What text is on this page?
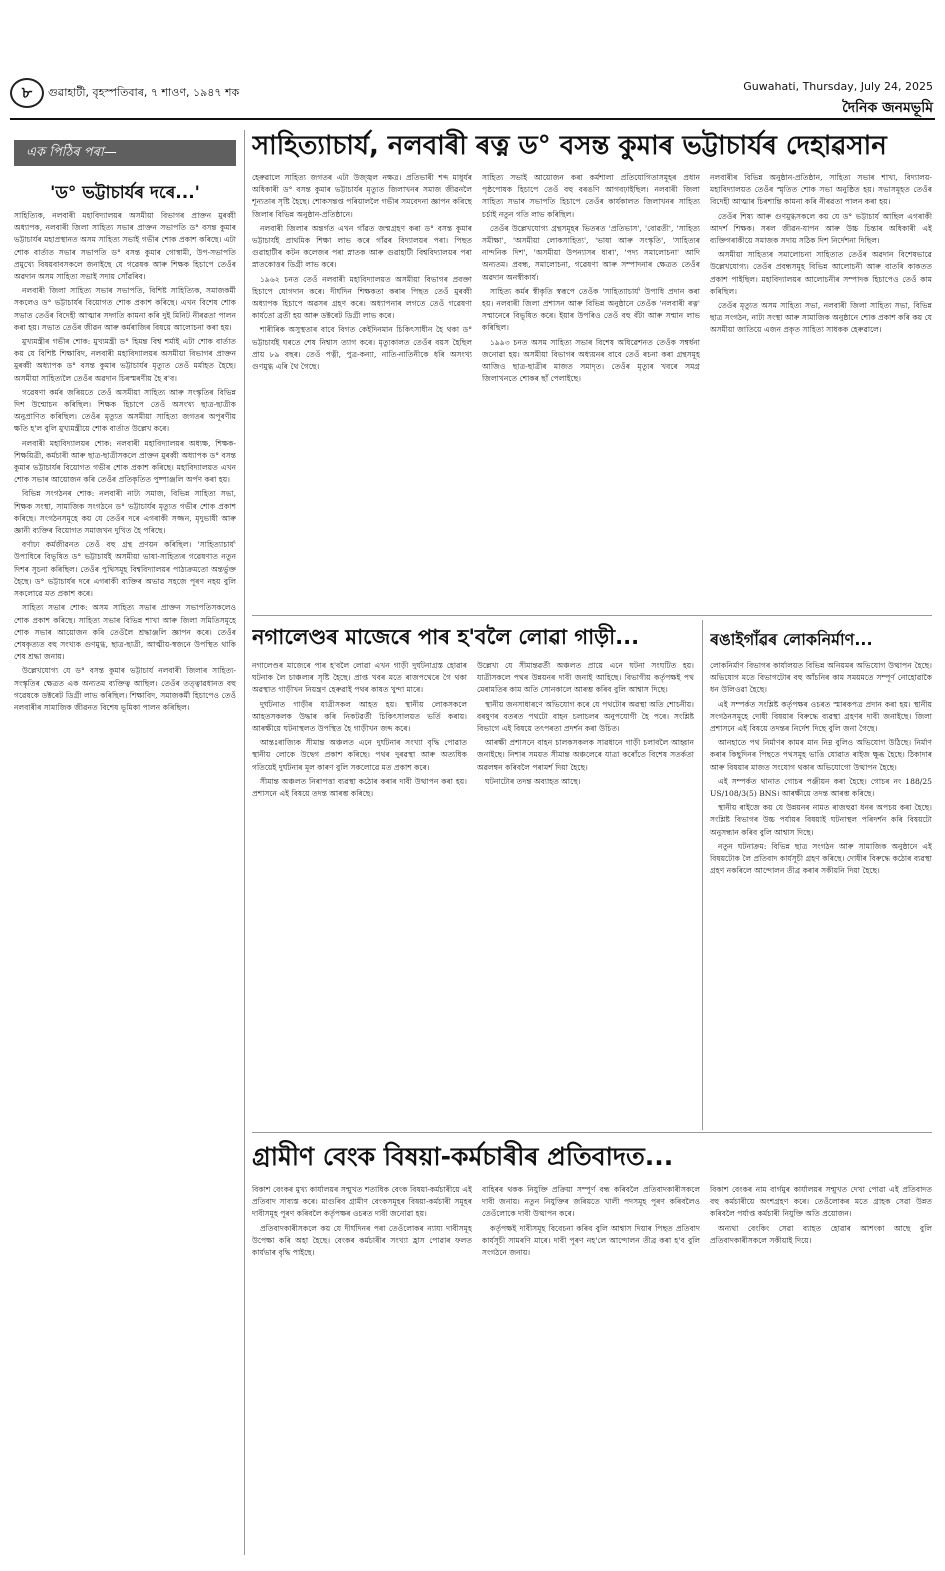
৮	গুৱাহাটী, বৃহস্পতিবাৰ, ৭ শাওণ, ১৯৪৭ শক	Guwahati, Thursday, July 24, 2025
দৈনিক জনমভূমি
এক পিঠিৰ পৰা—
'ড° ভট্টাচাৰ্যৰ দৰে...'

সাহিত্যিক, নলবাৰী মহাবিদ্যালয়ৰ অসমীয়া বিভাগৰ প্ৰাক্তন মুৰব্বী অধ্যাপক, নলবাৰী জিলা সাহিত্য সভাৰ প্ৰাক্তন সভাপতি ড° বসন্ত কুমাৰ ভট্টাচাৰ্যৰ মহাপ্ৰস্থানত অসম সাহিত্য সভাই গভীৰ শোক প্ৰকাশ কৰিছে। এটা শোক বাৰ্তাত সভাৰ সভাপতি ড° বসন্ত কুমাৰ গোস্বামী, উপ-সভাপতি প্ৰমুখ্যে বিষয়বাবসকলে জনাইছে যে গৱেষক আৰু শিক্ষক হিচাপে তেওঁৰ অৱদান অসম সাহিত্য সভাই সদায় সোঁৱৰিব।

নলবাৰী জিলা সাহিত্য সভাৰ সভাপতি, বিশিষ্ট সাহিত্যিক, সমাজকৰ্মী সকলেও ড° ভট্টাচাৰ্যৰ বিয়োগত শোক প্ৰকাশ কৰিছে। এখন বিশেষ শোক সভাত তেওঁৰ বিদেহী আত্মাৰ সদ্গতি কামনা কৰি দুই মিনিট নীৰৱতা পালন কৰা হয়। সভাত তেওঁৰ জীৱন আৰু কৰ্মৰাজিৰ বিষয়ে আলোচনা কৰা হয়।

মুখ্যমন্ত্ৰীৰ গভীৰ শোক: মুখ্যমন্ত্ৰী ড° হিমন্ত বিশ্ব শৰ্মাই এটা শোক বাৰ্তাত কয় যে বিশিষ্ট শিক্ষাবিদ, নলবাৰী মহাবিদ্যালয়ৰ অসমীয়া বিভাগৰ প্ৰাক্তন মুৰব্বী অধ্যাপক ড° বসন্ত কুমাৰ ভট্টাচাৰ্যৰ মৃত্যুত তেওঁ মৰ্মাহত হৈছে। অসমীয়া সাহিত্যলৈ তেওঁৰ অৱদান চিৰস্মৰণীয় হৈ ৰ'ব।

গৱেষণা কৰ্মৰ জৰিয়তে তেওঁ অসমীয়া সাহিত্য আৰু সংস্কৃতিৰ বিভিন্ন দিশ উন্মোচন কৰিছিল। শিক্ষক হিচাপে তেওঁ অসংখ্য ছাত্ৰ-ছাত্ৰীক অনুপ্ৰাণিত কৰিছিল। তেওঁৰ মৃত্যুত অসমীয়া সাহিত্য জগতৰ অপূৰণীয় ক্ষতি হ'ল বুলি মুখ্যমন্ত্ৰীয়ে শোক বাৰ্তাত উল্লেখ কৰে।

নলবাৰী মহাবিদ্যালয়ৰ শোক: নলবাৰী মহাবিদ্যালয়ৰ অধ্যক্ষ, শিক্ষক-শিক্ষয়িত্ৰী, কৰ্মচাৰী আৰু ছাত্ৰ-ছাত্ৰীসকলে প্ৰাক্তন মুৰব্বী অধ্যাপক ড° বসন্ত কুমাৰ ভট্টাচাৰ্যৰ বিয়োগত গভীৰ শোক প্ৰকাশ কৰিছে। মহাবিদ্যালয়ত এখন শোক সভাৰ আয়োজন কৰি তেওঁৰ প্ৰতিকৃতিত পুষ্পাঞ্জলি অৰ্পণ কৰা হয়।

বিভিন্ন সংগঠনৰ শোক: নলবাৰী নাট্য সমাজ, বিভিন্ন সাহিত্য সভা, শিক্ষক সংস্থা, সামাজিক সংগঠনে ড° ভট্টাচাৰ্যৰ মৃত্যুত গভীৰ শোক প্ৰকাশ কৰিছে। সংগঠনসমূহে কয় যে তেওঁৰ দৰে এগৰাকী সজ্জন, মৃদুভাষী আৰু জ্ঞানী ব্যক্তিৰ বিয়োগত সমাজখন দুখিত হৈ পৰিছে।

বৰ্ণাঢ্য কৰ্মজীৱনত তেওঁ বহু গ্ৰন্থ প্ৰণয়ন কৰিছিল। 'সাহিত্যাচাৰ্য' উপাধিৰে বিভূষিত ড° ভট্টাচাৰ্যই অসমীয়া ভাষা-সাহিত্যৰ গৱেষণাত নতুন দিশৰ সূচনা কৰিছিল। তেওঁৰ পুথিসমূহ বিশ্ববিদ্যালয়ৰ পাঠ্যক্ৰমতো অন্তৰ্ভুক্ত হৈছে। ড° ভট্টাচাৰ্যৰ দৰে এগৰাকী ব্যক্তিৰ অভাৱ সহজে পূৰণ নহয় বুলি সকলোৱে মত প্ৰকাশ কৰে।

সাহিত্য সভাৰ শোক: অসম সাহিত্য সভাৰ প্ৰাক্তন সভাপতিসকলেও শোক প্ৰকাশ কৰিছে। সাহিত্য সভাৰ বিভিন্ন শাখা আৰু জিলা সমিতিসমূহে শোক সভাৰ আয়োজন কৰি তেওঁলৈ শ্ৰদ্ধাঞ্জলি জ্ঞাপন কৰে। তেওঁৰ শেষকৃত্যত বহু সংখ্যক গুণমুগ্ধ, ছাত্ৰ-ছাত্ৰী, আত্মীয়-স্বজনে উপস্থিত থাকি শেষ শ্ৰদ্ধা জনায়।

উল্লেখযোগ্য যে ড° বসন্ত কুমাৰ ভট্টাচাৰ্য নলবাৰী জিলাৰ সাহিত্য-সংস্কৃতিৰ ক্ষেত্ৰত এক অন্যতম ব্যক্তিত্ব আছিল। তেওঁৰ তত্ত্বাৱধানত বহু গৱেষকে ডক্টৰেট ডিগ্ৰী লাভ কৰিছিল। শিক্ষাবিদ, সমাজকৰ্মী হিচাপেও তেওঁ নলবাৰীৰ সামাজিক জীৱনত বিশেষ ভূমিকা পালন কৰিছিল।

সাহিত্যাচাৰ্য, নলবাৰী ৰত্ন ড° বসন্ত কুমাৰ ভট্টাচাৰ্যৰ দেহাৱসান

হেৰুৱালে সাহিত্য জগতৰ এটা উজ্জ্বল নক্ষত্ৰ। প্ৰতিভাৰী শব্দ মাধুৰ্যৰ অধিকাৰী ড° বসন্ত কুমাৰ ভট্টাচাৰ্যৰ মৃত্যুত জিলাখনৰ সমাজ জীৱনলৈ শূন্যতাৰ সৃষ্টি হৈছে। শোকসন্তপ্ত পৰিয়াললৈ গভীৰ সমবেদনা জ্ঞাপন কৰিছে জিলাৰ বিভিন্ন অনুষ্ঠান-প্ৰতিষ্ঠানে।

নলবাৰী জিলাৰ অন্তৰ্গত এখন গাঁৱত জন্মগ্ৰহণ কৰা ড° বসন্ত কুমাৰ ভট্টাচাৰ্যই প্ৰাথমিক শিক্ষা লাভ কৰে গাঁৱৰ বিদ্যালয়ৰ পৰা। পিছত গুৱাহাটীৰ কটন কলেজৰ পৰা স্নাতক আৰু গুৱাহাটী বিশ্ববিদ্যালয়ৰ পৰা স্নাতকোত্তৰ ডিগ্ৰী লাভ কৰে।

১৯৬২ চনত তেওঁ নলবাৰী মহাবিদ্যালয়ত অসমীয়া বিভাগৰ প্ৰবক্তা হিচাপে যোগদান কৰে। দীৰ্ঘদিন শিক্ষকতা কৰাৰ পিছত তেওঁ মুৰব্বী অধ্যাপক হিচাপে অৱসৰ গ্ৰহণ কৰে। অধ্যাপনাৰ লগতে তেওঁ গৱেষণা কাৰ্যতো ব্ৰতী হয় আৰু ডক্টৰেট ডিগ্ৰী লাভ কৰে।

শাৰীৰিক অসুস্থতাৰ বাবে বিগত কেইদিনমান চিকিৎসাধীন হৈ থকা ড° ভট্টাচাৰ্যই ঘৰতে শেষ নিশ্বাস ত্যাগ কৰে। মৃত্যুকালত তেওঁৰ বয়স হৈছিল প্ৰায় ৮৯ বছৰ। তেওঁ পত্নী, পুত্ৰ-কন্যা, নাতি-নাতিনীকে ধৰি অসংখ্য গুণমুগ্ধ এৰি থৈ গৈছে।

সাহিত্য সভাই আয়োজন কৰা কৰ্মশালা প্ৰতিযোগিতাসমূহৰ প্ৰধান পৃষ্ঠপোষক হিচাপে তেওঁ বহু বৰঙণি আগবঢ়াইছিল। নলবাৰী জিলা সাহিত্য সভাৰ সভাপতি হিচাপে তেওঁৰ কাৰ্যকালত জিলাখনৰ সাহিত্য চৰ্চাই নতুন গতি লাভ কৰিছিল।

তেওঁৰ উল্লেখযোগ্য গ্ৰন্থসমূহৰ ভিতৰত 'প্ৰতিভাস', 'বোৱতী', 'সাহিত্য সমীক্ষা', 'অসমীয়া লোকসাহিত্য', 'ভাষা আৰু সংস্কৃতি', 'সাহিত্যৰ নান্দনিক দিশ', 'অসমীয়া উপন্যাসৰ ধাৰা', 'পদ্য সমালোচনা' আদি অন্যতম। প্ৰবন্ধ, সমালোচনা, গৱেষণা আৰু সম্পাদনাৰ ক্ষেত্ৰত তেওঁৰ অৱদান অনস্বীকাৰ্য।

সাহিত্য কৰ্মৰ স্বীকৃতি স্বৰূপে তেওঁক 'সাহিত্যাচাৰ্য' উপাধি প্ৰদান কৰা হয়। নলবাৰী জিলা প্ৰশাসন আৰু বিভিন্ন অনুষ্ঠানে তেওঁক 'নলবাৰী ৰত্ন' সন্মানেৰে বিভূষিত কৰে। ইয়াৰ উপৰিও তেওঁ বহু বঁটা আৰু সন্মান লাভ কৰিছিল।

১৯৯৩ চনত অসম সাহিত্য সভাৰ বিশেষ অধিৱেশনত তেওঁক সম্বৰ্ধনা জনোৱা হয়। অসমীয়া বিভাগৰ অধ্যয়নৰ বাবে তেওঁ ৰচনা কৰা গ্ৰন্থসমূহ আজিও ছাত্ৰ-ছাত্ৰীৰ মাজত সমাদৃত। তেওঁৰ মৃত্যুৰ খবৰে সমগ্ৰ জিলাখনতে শোকৰ ছাঁ পেলাইছে।

নলবাৰীৰ বিভিন্ন অনুষ্ঠান-প্ৰতিষ্ঠান, সাহিত্য সভাৰ শাখা, বিদ্যালয়-মহাবিদ্যালয়ত তেওঁৰ স্মৃতিত শোক সভা অনুষ্ঠিত হয়। সভাসমূহত তেওঁৰ বিদেহী আত্মাৰ চিৰশান্তি কামনা কৰি নীৰৱতা পালন কৰা হয়।

তেওঁৰ শিষ্য আৰু গুণমুগ্ধসকলে কয় যে ড° ভট্টাচাৰ্য আছিল এগৰাকী আদৰ্শ শিক্ষক। সৰল জীৱন-যাপন আৰু উচ্চ চিন্তাৰ অধিকাৰী এই ব্যক্তিগৰাকীয়ে সমাজক সদায় সঠিক দিশ নিৰ্দেশনা দিছিল।

অসমীয়া সাহিত্যৰ সমালোচনা সাহিত্যত তেওঁৰ অৱদান বিশেষভাৱে উল্লেখযোগ্য। তেওঁৰ প্ৰবন্ধসমূহ বিভিন্ন আলোচনী আৰু বাতৰি কাকতত প্ৰকাশ পাইছিল। মহাবিদ্যালয়ৰ আলোচনীৰ সম্পাদক হিচাপেও তেওঁ কাম কৰিছিল।

তেওঁৰ মৃত্যুত অসম সাহিত্য সভা, নলবাৰী জিলা সাহিত্য সভা, বিভিন্ন ছাত্ৰ সংগঠন, নাট্য সংস্থা আৰু সামাজিক অনুষ্ঠানে শোক প্ৰকাশ কৰি কয় যে অসমীয়া জাতিয়ে এজন প্ৰকৃত সাহিত্য সাধকক হেৰুৱালে।

নগালেণ্ডৰ মাজেৰে পাৰ হ'বলৈ লোৱা গাড়ী...

নগালেণ্ডৰ মাজেৰে পাৰ হ'বলৈ লোৱা এখন গাড়ী দুৰ্ঘটনাগ্ৰস্ত হোৱাৰ ঘটনাক লৈ চাঞ্চল্যৰ সৃষ্টি হৈছে। প্ৰাপ্ত খবৰ মতে ৰাজপথেৰে গৈ থকা অৱস্থাত গাড়ীখন নিয়ন্ত্ৰণ হেৰুৱাই পথৰ কাষত খুন্দা মাৰে।

দুৰ্ঘটনাত গাড়ীৰ যাত্ৰীসকল আহত হয়। স্থানীয় লোকসকলে আহতসকলক উদ্ধাৰ কৰি নিকটৱৰ্তী চিকিৎসালয়ত ভৰ্তি কৰায়। আৰক্ষীয়ে ঘটনাস্থলত উপস্থিত হৈ গাড়ীখন জব্দ কৰে।

আন্তঃৰাজ্যিক সীমান্ত অঞ্চলত এনে দুৰ্ঘটনাৰ সংখ্যা বৃদ্ধি পোৱাত স্থানীয় লোকে উদ্বেগ প্ৰকাশ কৰিছে। পথৰ দুৰৱস্থা আৰু অত্যধিক গতিয়েই দুৰ্ঘটনাৰ মূল কাৰণ বুলি সকলোৱে মত প্ৰকাশ কৰে।

সীমান্ত অঞ্চলত নিৰাপত্তা ব্যৱস্থা কঠোৰ কৰাৰ দাবী উত্থাপন কৰা হয়। প্ৰশাসনে এই বিষয়ে তদন্ত আৰম্ভ কৰিছে।

উল্লেখ্য যে সীমান্তৱৰ্তী অঞ্চলত প্ৰায়ে এনে ঘটনা সংঘটিত হয়। যাত্ৰীসকলে পথৰ উন্নয়নৰ দাবী জনাই আহিছে। বিভাগীয় কৰ্তৃপক্ষই পথ মেৰামতিৰ কাম অতি সোনকালে আৰম্ভ কৰিব বুলি আশ্বাস দিছে।

স্থানীয় জনসাধাৰণে অভিযোগ কৰে যে পথটোৰ অৱস্থা অতি শোচনীয়। বৰষুণৰ বতৰত পথটো বাহন চলাচলৰ অনুপযোগী হৈ পৰে। সংশ্লিষ্ট বিভাগে এই বিষয়ে তৎপৰতা প্ৰদৰ্শন কৰা উচিত।

আৰক্ষী প্ৰশাসনে বাহন চালকসকলক সাৱধানে গাড়ী চলাবলৈ আহ্বান জনাইছে। নিশাৰ সময়ত সীমান্ত অঞ্চলেৰে যাত্ৰা কৰোঁতে বিশেষ সতৰ্কতা অৱলম্বন কৰিবলৈ পৰামৰ্শ দিয়া হৈছে।

ঘটনাটোৰ তদন্ত অব্যাহত আছে।

ৰঙাইগাঁৱৰ লোকনিৰ্মাণ...

লোকনিৰ্মাণ বিভাগৰ কাৰ্যালয়ত বিভিন্ন অনিয়মৰ অভিযোগ উত্থাপন হৈছে। অভিযোগ মতে বিভাগটোৰ বহু আঁচনিৰ কাম সময়মতে সম্পূৰ্ণ নোহোৱাকৈ ধন উলিওৱা হৈছে।

এই সম্পৰ্কত সংশ্লিষ্ট কৰ্তৃপক্ষৰ ওচৰত স্মাৰকপত্ৰ প্ৰদান কৰা হয়। স্থানীয় সংগঠনসমূহে দোষী বিষয়াৰ বিৰুদ্ধে ব্যৱস্থা গ্ৰহণৰ দাবী জনাইছে। জিলা প্ৰশাসনে এই বিষয়ে তদন্তৰ নিৰ্দেশ দিছে বুলি জনা গৈছে।

আনহাতে পথ নিৰ্মাণৰ কামৰ মান নিম্ন বুলিও অভিযোগ উঠিছে। নিৰ্মাণ কৰাৰ কিছুদিনৰ পিছতে পথসমূহ ভাঙি যোৱাত ৰাইজ ক্ষুব্ধ হৈছে। ঠিকাদাৰ আৰু বিষয়াৰ মাজত সংযোগ থকাৰ অভিযোগো উত্থাপন হৈছে।

এই সম্পৰ্কত থানাত গোচৰ পঞ্জীয়ন কৰা হৈছে। গোচৰ নং 188/25 US/108/3(5) BNS। আৰক্ষীয়ে তদন্ত আৰম্ভ কৰিছে।

স্থানীয় ৰাইজে কয় যে উন্নয়নৰ নামত ৰাজহুৱা ধনৰ অপচয় কৰা হৈছে। সংশ্লিষ্ট বিভাগৰ উচ্চ পৰ্যায়ৰ বিষয়াই ঘটনাস্থল পৰিদৰ্শন কৰি বিষয়টো অনুসন্ধান কৰিব বুলি আশ্বাস দিছে।

নতুন ঘটনাক্ৰম: বিভিন্ন ছাত্ৰ সংগঠন আৰু সামাজিক অনুষ্ঠানে এই বিষয়টোক লৈ প্ৰতিবাদ কাৰ্যসূচী গ্ৰহণ কৰিছে। দোষীৰ বিৰুদ্ধে কঠোৰ ব্যৱস্থা গ্ৰহণ নকৰিলে আন্দোলন তীব্ৰ কৰাৰ সকীয়নি দিয়া হৈছে।

গ্ৰামীণ বেংক বিষয়া-কৰ্মচাৰীৰ প্ৰতিবাদত...

বিকাশ বেংকৰ মুখ্য কাৰ্যালয়ৰ সন্মুখত শতাধিক বেংক বিষয়া-কৰ্মচাৰীয়ে এই প্ৰতিবাদ সাব্যস্ত কৰে। মাগুৰিব গ্ৰামীণ বেংকসমূহৰ বিষয়া-কৰ্মচাৰী সমূহৰ দাবীসমূহ পূৰণ কৰিবলৈ কৰ্তৃপক্ষৰ ওচৰত দাবী জনোৱা হয়।

প্ৰতিবাদকাৰীসকলে কয় যে দীৰ্ঘদিনৰ পৰা তেওঁলোকৰ ন্যায্য দাবীসমূহ উপেক্ষা কৰি অহা হৈছে। বেংকৰ কৰ্মচাৰীৰ সংখ্যা হ্ৰাস পোৱাৰ ফলত কাৰ্যভাৰ বৃদ্ধি পাইছে।

বাহিৰৰ থকক নিযুক্তি প্ৰক্ৰিয়া সম্পূৰ্ণ বন্ধ কৰিবলৈ প্ৰতিবাদকাৰীসকলে দাবী জনায়। নতুন নিযুক্তিৰ জৰিয়তে খালী পদসমূহ পূৰণ কৰিবলৈও তেওঁলোকে দাবী উত্থাপন কৰে।

কৰ্তৃপক্ষই দাবীসমূহ বিবেচনা কৰিব বুলি আশ্বাস দিয়াৰ পিছত প্ৰতিবাদ কাৰ্যসূচী সামৰণি মাৰে। দাবী পূৰণ নহ'লে আন্দোলন তীব্ৰ কৰা হ'ব বুলি সংগঠনে জনায়।

বিকাশ বেংকৰ নাম বাৰ্গমুৰ কাৰ্যালয়ৰ সন্মুখত দেখা পোৱা এই প্ৰতিবাদত বহু কৰ্মচাৰীয়ে অংশগ্ৰহণ কৰে। তেওঁলোকৰ মতে গ্ৰাহক সেৱা উন্নত কৰিবলৈ পৰ্যাপ্ত কৰ্মচাৰী নিযুক্তি অতি প্ৰয়োজন।

অন্যথা বেংকিং সেৱা ব্যাহত হোৱাৰ আশংকা আছে বুলি প্ৰতিবাদকাৰীসকলে সকীয়াই দিয়ে।
